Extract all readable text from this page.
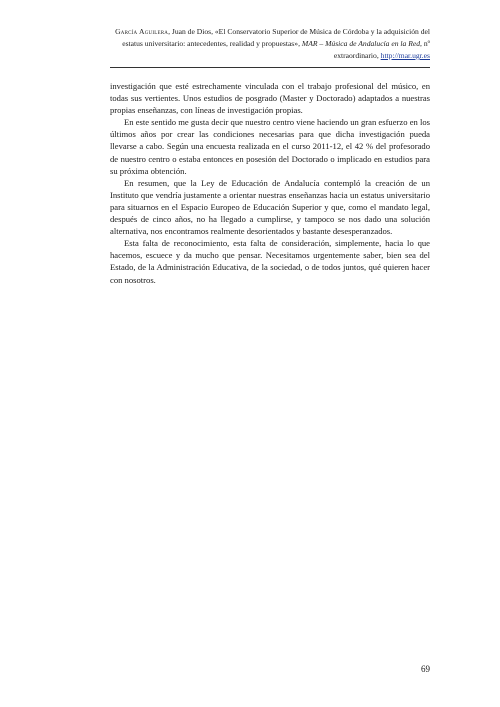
García Aguilera, Juan de Dios, «El Conservatorio Superior de Música de Córdoba y la adquisición del estatus universitario: antecedentes, realidad y propuestas», MAR – Música de Andalucía en la Red, nº extraordinario, http://mar.ugr.es

investigación que esté estrechamente vinculada con el trabajo profesional del músico, en todas sus vertientes. Unos estudios de posgrado (Master y Doctorado) adaptados a nuestras propias enseñanzas, con líneas de investigación propias.

En este sentido me gusta decir que nuestro centro viene haciendo un gran esfuerzo en los últimos años por crear las condiciones necesarias para que dicha investigación pueda llevarse a cabo. Según una encuesta realizada en el curso 2011-12, el 42 % del profesorado de nuestro centro o estaba entonces en posesión del Doctorado o implicado en estudios para su próxima obtención.

En resumen, que la Ley de Educación de Andalucía contempló la creación de un Instituto que vendría justamente a orientar nuestras enseñanzas hacia un estatus universitario para situarnos en el Espacio Europeo de Educación Superior y que, como el mandato legal, después de cinco años, no ha llegado a cumplirse, y tampoco se nos dado una solución alternativa, nos encontramos realmente desorientados y bastante desesperanzados.

Esta falta de reconocimiento, esta falta de consideración, simplemente, hacia lo que hacemos, escuece y da mucho que pensar. Necesitamos urgentemente saber, bien sea del Estado, de la Administración Educativa, de la sociedad, o de todos juntos, qué quieren hacer con nosotros.

69
